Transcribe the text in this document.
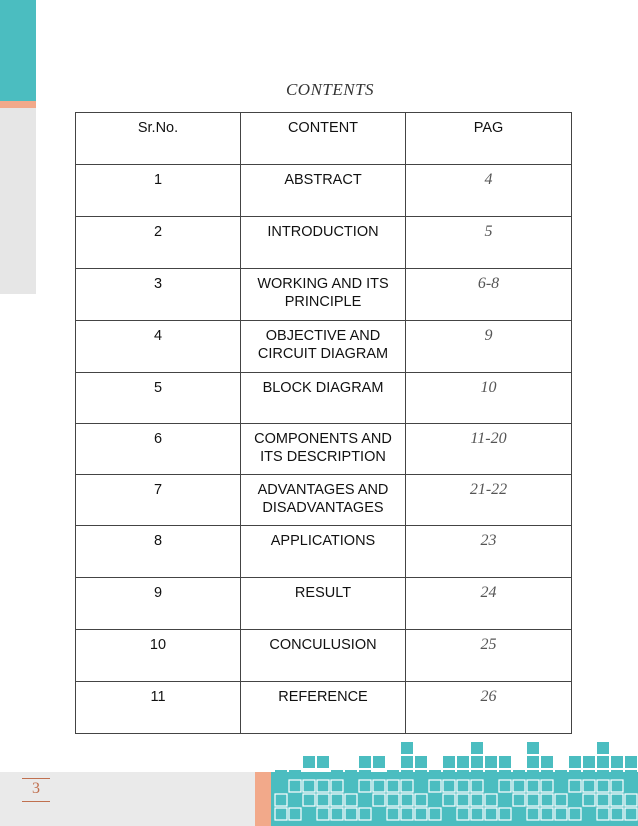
CONTENTS
Sr.No.	CONTENT	PAG
1	ABSTRACT	4
2	INTRODUCTION	5
3	WORKING AND ITS PRINCIPLE	6-8
4	OBJECTIVE AND CIRCUIT DIAGRAM	9
5	BLOCK DIAGRAM	10
6	COMPONENTS AND ITS DESCRIPTION	11-20
7	ADVANTAGES AND DISADVANTAGES	21-22
8	APPLICATIONS	23
9	RESULT	24
10	CONCULUSION	25
11	REFERENCE	26
3
